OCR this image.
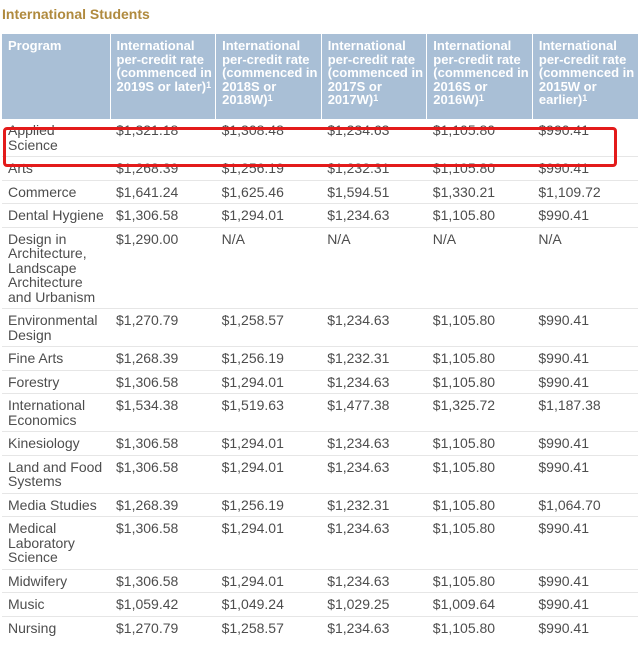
International Students
Program	International per-credit rate (commenced in 2019S or later)$^1$	International per-credit rate (commenced in 2018S or 2018W)$^1$	International per-credit rate (commenced in 2017S or 2017W)$^1$	International per-credit rate (commenced in 2016S or 2016W)$^1$	International per-credit rate (commenced in 2015W or earlier)$^1$
Applied Science	$1,321.18	$1,308.48	$1,234.63	$1,105.80	$990.41
Arts	$1,268.39	$1,256.19	$1,232.31	$1,105.80	$990.41
Commerce	$1,641.24	$1,625.46	$1,594.51	$1,330.21	$1,109.72
Dental Hygiene	$1,306.58	$1,294.01	$1,234.63	$1,105.80	$990.41
Design in Architecture, Landscape Architecture and Urbanism	$1,290.00	N/A	N/A	N/A	N/A
Environmental Design	$1,270.79	$1,258.57	$1,234.63	$1,105.80	$990.41
Fine Arts	$1,268.39	$1,256.19	$1,232.31	$1,105.80	$990.41
Forestry	$1,306.58	$1,294.01	$1,234.63	$1,105.80	$990.41
International Economics	$1,534.38	$1,519.63	$1,477.38	$1,325.72	$1,187.38
Kinesiology	$1,306.58	$1,294.01	$1,234.63	$1,105.80	$990.41
Land and Food Systems	$1,306.58	$1,294.01	$1,234.63	$1,105.80	$990.41
Media Studies	$1,268.39	$1,256.19	$1,232.31	$1,105.80	$1,064.70
Medical Laboratory Science	$1,306.58	$1,294.01	$1,234.63	$1,105.80	$990.41
Midwifery	$1,306.58	$1,294.01	$1,234.63	$1,105.80	$990.41
Music	$1,059.42	$1,049.24	$1,029.25	$1,009.64	$990.41
Nursing	$1,270.79	$1,258.57	$1,234.63	$1,105.80	$990.41
